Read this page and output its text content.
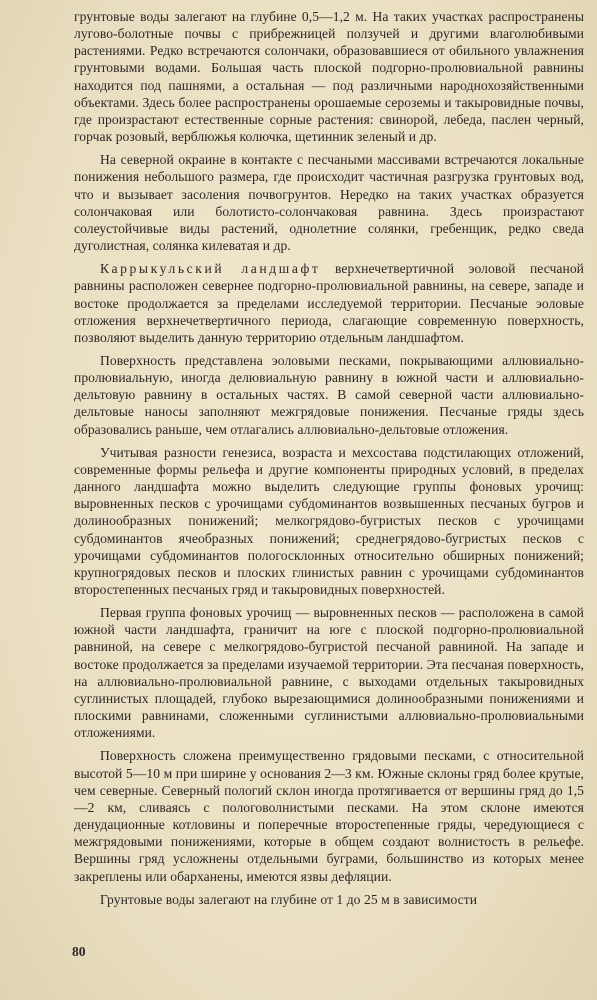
грунтовые воды залегают на глубине 0,5—1,2 м. На таких участках распространены лугово-болотные почвы с прибрежницей ползучей и другими влаголюбивыми растениями. Редко встречаются солончаки, образовавшиеся от обильного увлажнения грунтовыми водами. Большая часть плоской подгорно-пролювиальной равнины находится под пашнями, а остальная — под различными народнохозяйственными объектами. Здесь более распространены орошаемые сероземы и такыровидные почвы, где произрастают естественные сорные растения: свинорой, лебеда, паслен черный, горчак розовый, верблюжья колючка, щетинник зеленый и др.

На северной окраине в контакте с песчаными массивами встречаются локальные понижения небольшого размера, где происходит частичная разгрузка грунтовых вод, что и вызывает засоления почвогрунтов. Нередко на таких участках образуется солончаковая или болотисто-солончаковая равнина. Здесь произрастают солеустойчивые виды растений, однолетние солянки, гребенщик, редко сведа дуголистная, солянка килеватая и др.

Каррыкульский ландшафт верхнечетвертичной эоловой песчаной равнины расположен севернее подгорно-пролювиальной равнины, на севере, западе и востоке продолжается за пределами исследуемой территории. Песчаные эоловые отложения верхнечетвертичного периода, слагающие современную поверхность, позволяют выделить данную территорию отдельным ландшафтом.

Поверхность представлена эоловыми песками, покрывающими аллювиально-пролювиальную, иногда делювиальную равнину в южной части и аллювиально-дельтовую равнину в остальных частях. В самой северной части аллювиально-дельтовые наносы заполняют межгрядовые понижения. Песчаные гряды здесь образовались раньше, чем отлагались аллювиально-дельтовые отложения.

Учитывая разности генезиса, возраста и мехсостава подстилающих отложений, современные формы рельефа и другие компоненты природных условий, в пределах данного ландшафта можно выделить следующие группы фоновых урочищ: выровненных песков с урочищами субдоминантов возвышенных песчаных бугров и долинообразных понижений; мелкогрядово-бугристых песков с урочищами субдоминантов ячеобразных понижений; среднегрядово-бугристых песков с урочищами субдоминантов пологосклонных относительно обширных понижений; крупногрядовых песков и плоских глинистых равнин с урочищами субдоминантов второстепенных песчаных гряд и такыровидных поверхностей.

Первая группа фоновых урочищ — выровненных песков — расположена в самой южной части ландшафта, граничит на юге с плоской подгорно-пролювиальной равниной, на севере с мелкогрядово-бугристой песчаной равниной. На западе и востоке продолжается за пределами изучаемой территории. Эта песчаная поверхность, на аллювиально-пролювиальной равнине, с выходами отдельных такыровидных суглинистых площадей, глубоко вырезающимися долинообразными понижениями и плоскими равнинами, сложенными суглинистыми аллювиально-пролювиальными отложениями.

Поверхность сложена преимущественно грядовыми песками, с относительной высотой 5—10 м при ширине у основания 2—3 км. Южные склоны гряд более крутые, чем северные. Северный пологий склон иногда протягивается от вершины гряд до 1,5—2 км, сливаясь с пологоволнистыми песками. На этом склоне имеются денудационные котловины и поперечные второстепенные гряды, чередующиеся с межгрядовыми понижениями, которые в общем создают волнистость в рельефе. Вершины гряд усложнены отдельными буграми, большинство из которых менее закреплены или обарханены, имеются язвы дефляции.

Грунтовые воды залегают на глубине от 1 до 25 м в зависимости

80
